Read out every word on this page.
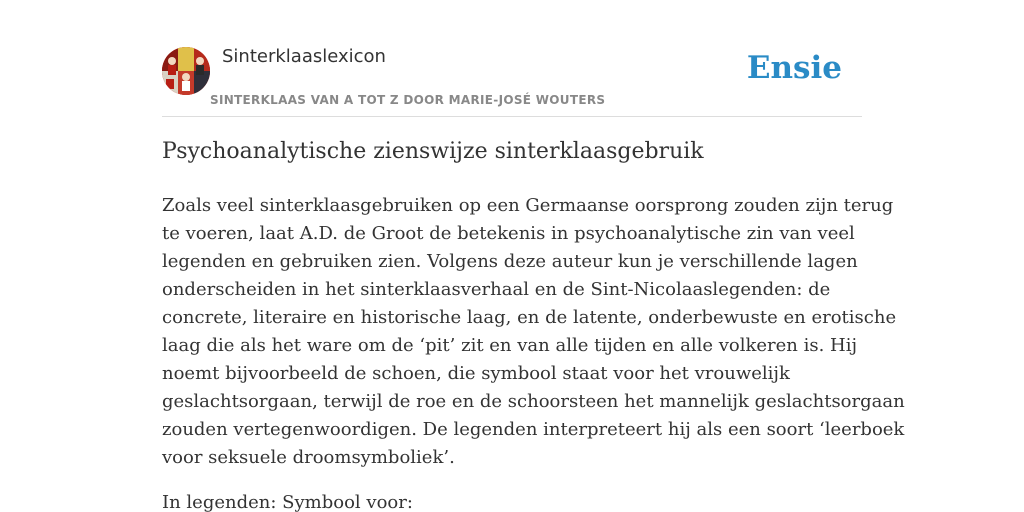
Sinterklaaslexicon
SINTERKLAAS VAN A TOT Z DOOR MARIE-JOSÉ WOUTERS
Ensie
Psychoanalytische zienswijze sinterklaasgebruik

Zoals veel sinterklaasgebruiken op een Germaanse oorsprong zouden zijn terug
te voeren, laat A.D. de Groot de betekenis in psychoanalytische zin van veel
legenden en gebruiken zien. Volgens deze auteur kun je verschillende lagen
onderscheiden in het sinterklaasverhaal en de Sint-Nicolaaslegenden: de
concrete, literaire en historische laag, en de latente, onderbewuste en erotische
laag die als het ware om de ‘pit’ zit en van alle tijden en alle volkeren is. Hij
noemt bijvoorbeeld de schoen, die symbool staat voor het vrouwelijk
geslachtsorgaan, terwijl de roe en de schoorsteen het mannelijk geslachtsorgaan
zouden vertegenwoordigen. De legenden interpreteert hij als een soort ‘leerboek
voor seksuele droomsymboliek’.

In legenden: Symbool voor:
